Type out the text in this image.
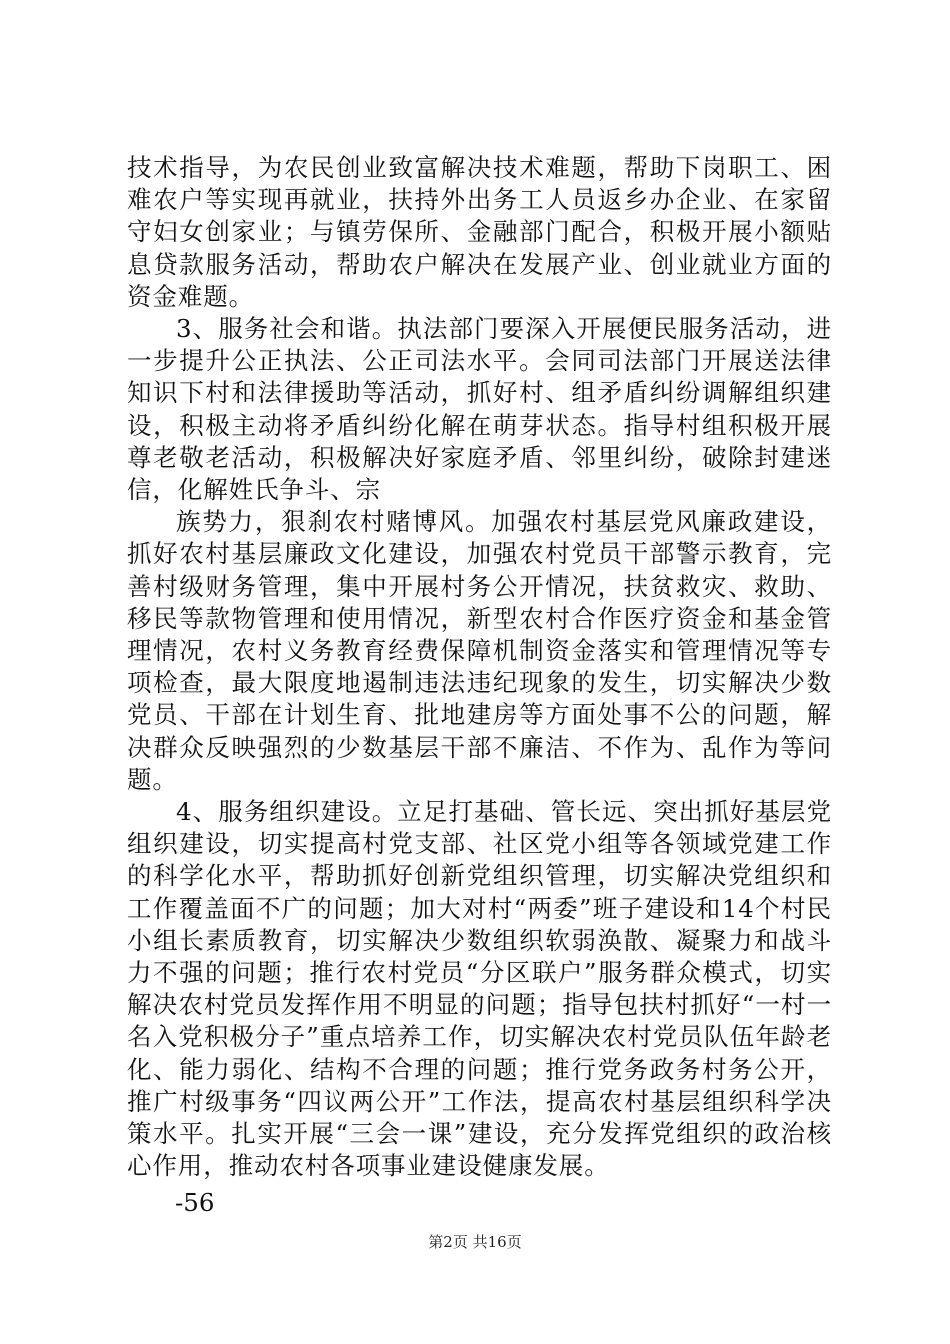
技术指导，为农民创业致富解决技术难题，帮助下岗职工、困难农户等实现再就业，扶持外出务工人员返乡办企业、在家留守妇女创家业；与镇劳保所、金融部门配合，积极开展小额贴息贷款服务活动，帮助农户解决在发展产业、创业就业方面的资金难题。

3、服务社会和谐。执法部门要深入开展便民服务活动，进一步提升公正执法、公正司法水平。会同司法部门开展送法律知识下村和法律援助等活动，抓好村、组矛盾纠纷调解组织建设，积极主动将矛盾纠纷化解在萌芽状态。指导村组积极开展尊老敬老活动，积极解决好家庭矛盾、邻里纠纷，破除封建迷信，化解姓氏争斗、宗

族势力，狠刹农村赌博风。加强农村基层党风廉政建设，抓好农村基层廉政文化建设，加强农村党员干部警示教育，完善村级财务管理，集中开展村务公开情况，扶贫救灾、救助、移民等款物管理和使用情况，新型农村合作医疗资金和基金管理情况，农村义务教育经费保障机制资金落实和管理情况等专项检查，最大限度地遏制违法违纪现象的发生，切实解决少数党员、干部在计划生育、批地建房等方面处事不公的问题，解决群众反映强烈的少数基层干部不廉洁、不作为、乱作为等问题。

4、服务组织建设。立足打基础、管长远、突出抓好基层党组织建设，切实提高村党支部、社区党小组等各领域党建工作的科学化水平，帮助抓好创新党组织管理，切实解决党组织和工作覆盖面不广的问题；加大对村“两委”班子建设和14个村民小组长素质教育，切实解决少数组织软弱涣散、凝聚力和战斗力不强的问题；推行农村党员“分区联户”服务群众模式，切实解决农村党员发挥作用不明显的问题；指导包扶村抓好“一村一名入党积极分子”重点培养工作，切实解决农村党员队伍年龄老化、能力弱化、结构不合理的问题；推行党务政务村务公开，推广村级事务“四议两公开”工作法，提高农村基层组织科学决策水平。扎实开展“三会一课”建设，充分发挥党组织的政治核心作用，推动农村各项事业建设健康发展。

-56

第2页 共16页
